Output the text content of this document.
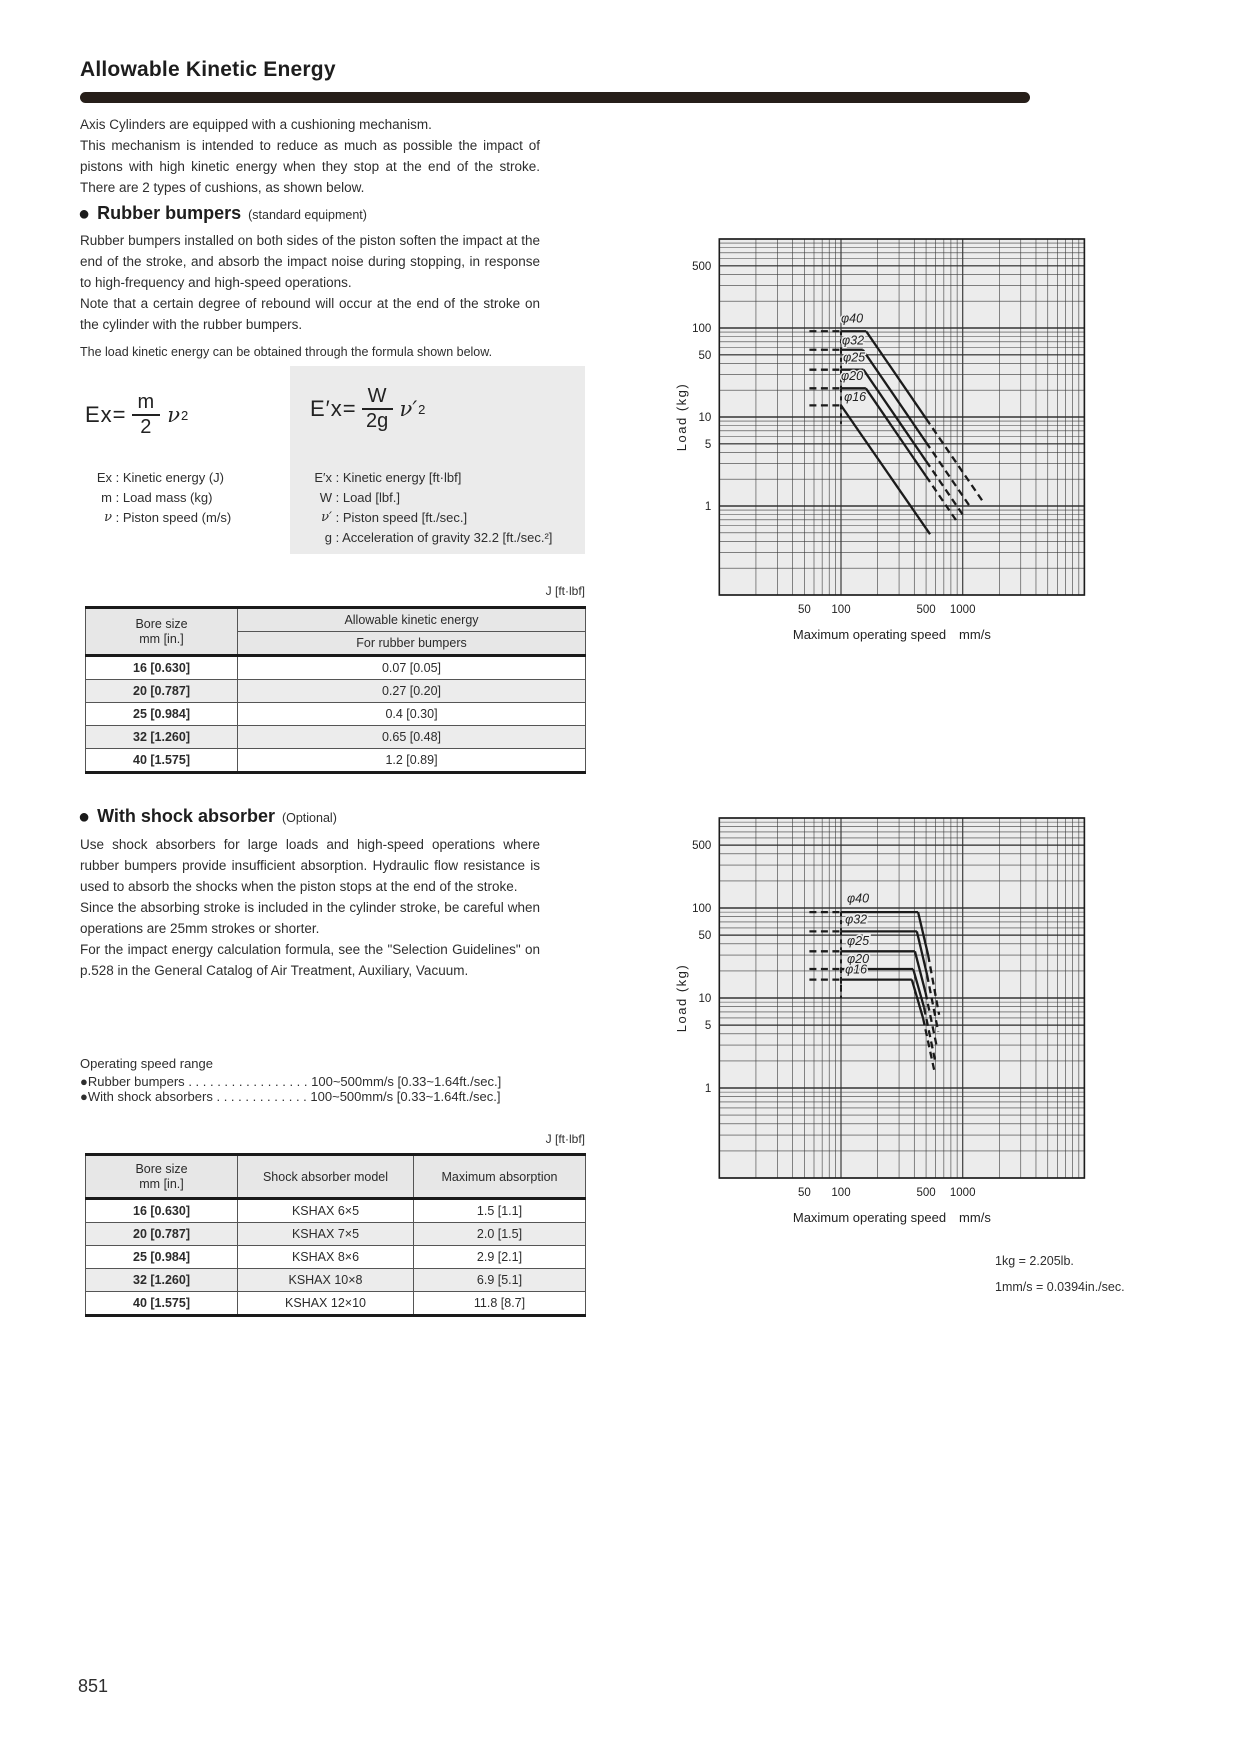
Allowable Kinetic Energy
Axis Cylinders are equipped with a cushioning mechanism.
This mechanism is intended to reduce as much as possible the impact of pistons with high kinetic energy when they stop at the end of the stroke. There are 2 types of cushions, as shown below.
● Rubber bumpers (standard equipment)
Rubber bumpers installed on both sides of the piston soften the impact at the end of the stroke, and absorb the impact noise during stopping, in response to high-frequency and high-speed operations.
Note that a certain degree of rebound will occur at the end of the stroke on the cylinder with the rubber bumpers.
The load kinetic energy can be obtained through the formula shown below.
$Ex= \frac{m}{2}$ ν 2	$E'x= \frac{W}{2g} \nu'$ 2
Ex
: Kinetic energy (J)
m
: Load mass (kg)
ν
: Piston speed (m/s)
E′x
: Kinetic energy [ft·lbf]
W
: Load [lbf.]
ν′
: Piston speed [ft./sec.]
g
: Acceleration of gravity 32.2 [ft./sec.²]
J [ft·lbf]
Bore size
mm [in.]	Allowable kinetic energy
	For rubber bumpers
16 [0.630]	0.07 [0.05]
20 [0.787]	0.27 [0.20]
25 [0.984]	0.4 [0.30]
32 [1.260]	0.65 [0.48]
40 [1.575]	1.2 [0.89]
500
100
50
10
5
1
50 100	500 1000
Load (kg)
Maximum operating speed  mm/s
φ40
φ32
φ25
φ20
φ16
500
100
50
10
5
1
50 100	500 1000
Load (kg)
Maximum operating speed  mm/s
φ40
φ32
φ25
φ20
φ16
● With shock absorber (Optional)
Use shock absorbers for large loads and high-speed operations where rubber bumpers provide insufficient absorption. Hydraulic flow resistance is used to absorb the shocks when the piston stops at the end of the stroke.
Since the absorbing stroke is included in the cylinder stroke, be careful when operations are 25mm strokes or shorter.
For the impact energy calculation formula, see the "Selection Guidelines" on p.528 in the General Catalog of Air Treatment, Auxiliary, Vacuum.
Operating speed range
●Rubber bumpers . . . . . . . . . . . . . . . . . 100~500mm/s [0.33~1.64ft./sec.]
●With shock absorbers . . . . . . . . . . . . . 100~500mm/s [0.33~1.64ft./sec.]
J [ft·lbf]
Bore size
mm [in.]	Shock absorber model	Maximum absorption
16 [0.630]	KSHAX 6×5	1.5 [1.1]
20 [0.787]	KSHAX 7×5	2.0 [1.5]
25 [0.984]	KSHAX 8×6	2.9 [2.1]
32 [1.260]	KSHAX 10×8	6.9 [5.1]
40 [1.575]	KSHAX 12×10	11.8 [8.7]
1kg = 2.205lb.
1mm/s = 0.0394in./sec.
851
